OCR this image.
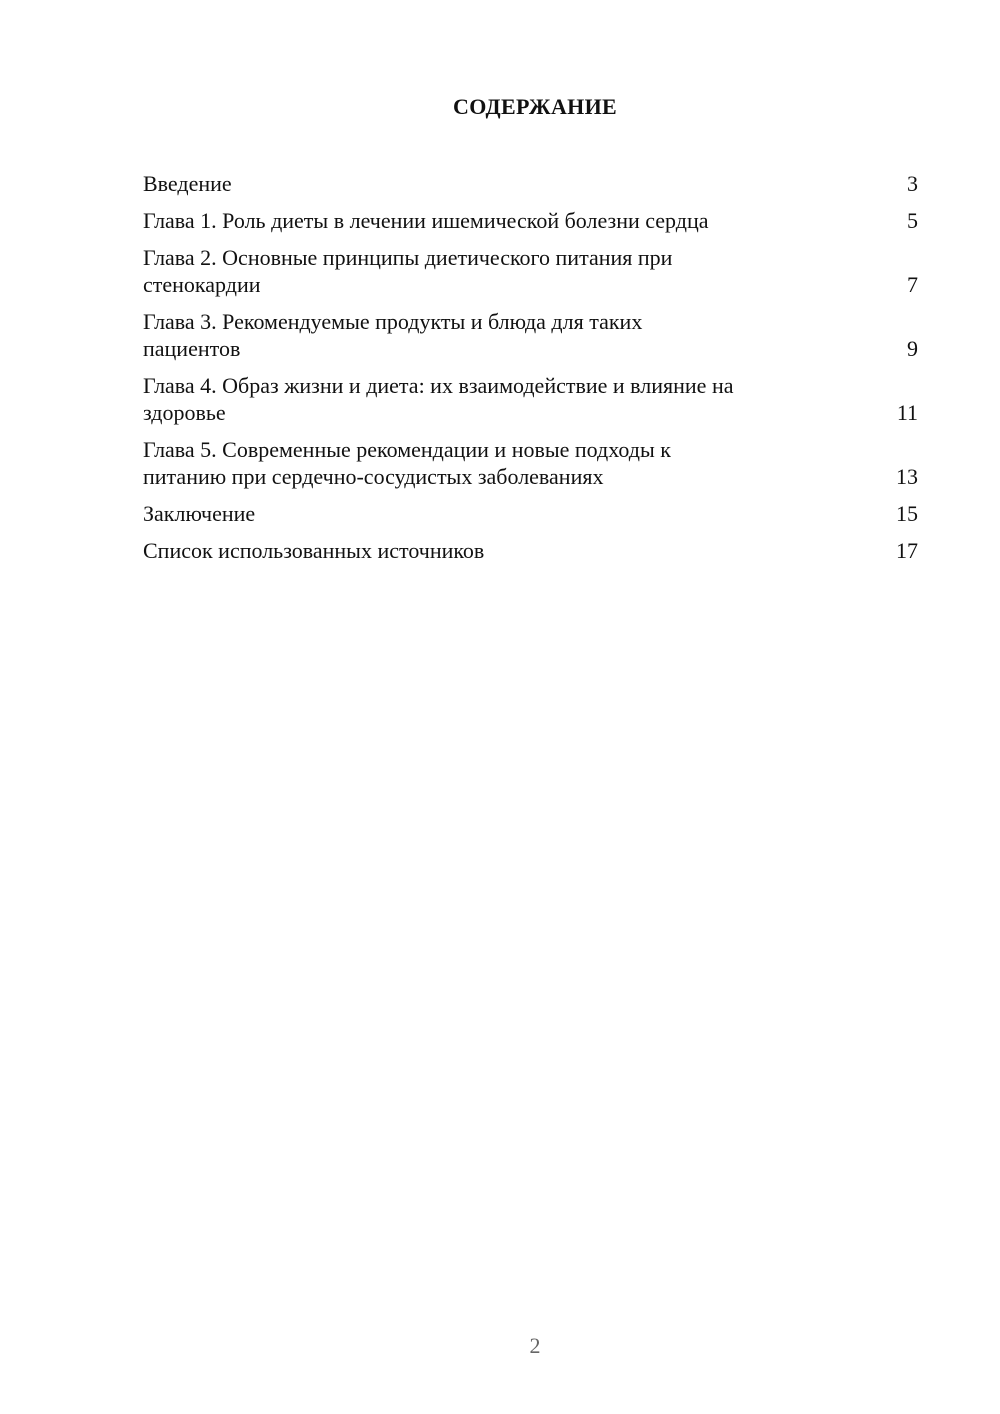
СОДЕРЖАНИЕ
Введение	3
Глава 1. Роль диеты в лечении ишемической болезни сердца	5
Глава 2. Основные принципы диетического питания при
стенокардии	7
Глава 3. Рекомендуемые продукты и блюда для таких
пациентов	9
Глава 4. Образ жизни и диета: их взаимодействие и влияние на
здоровье	11
Глава 5. Современные рекомендации и новые подходы к
питанию при сердечно-сосудистых заболеваниях	13
Заключение	15
Список использованных источников	17
2
